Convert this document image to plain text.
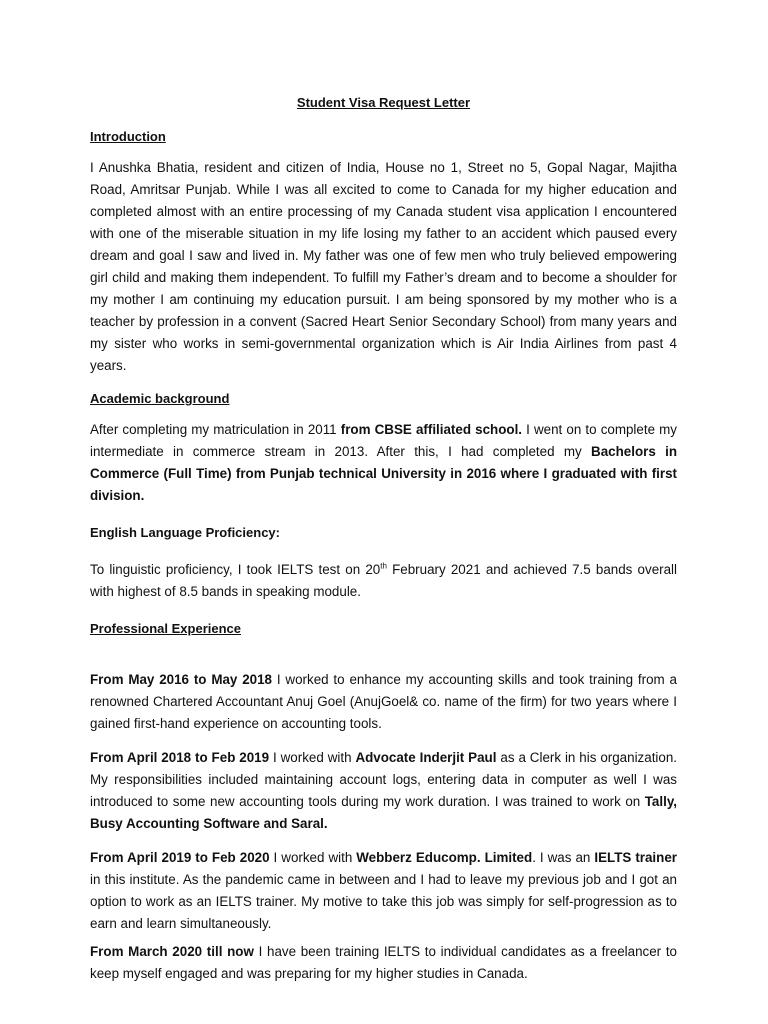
Student Visa Request Letter
Introduction

I Anushka Bhatia, resident and citizen of India, House no 1, Street no 5, Gopal Nagar, Majitha Road, Amritsar Punjab. While I was all excited to come to Canada for my higher education and completed almost with an entire processing of my Canada student visa application I encountered with one of the miserable situation in my life losing my father to an accident which paused every dream and goal I saw and lived in. My father was one of few men who truly believed empowering girl child and making them independent. To fulfill my Father’s dream and to become a shoulder for my mother I am continuing my education pursuit. I am being sponsored by my mother who is a teacher by profession in a convent (Sacred Heart Senior Secondary School) from many years and my sister who works in semi-governmental organization which is Air India Airlines from past 4 years.

Academic background

After completing my matriculation in 2011 from CBSE affiliated school. I went on to complete my intermediate in commerce stream in 2013. After this, I had completed my Bachelors in Commerce (Full Time) from Punjab technical University in 2016 where I graduated with first division.

English Language Proficiency:

To linguistic proficiency, I took IELTS test on 20th February 2021 and achieved 7.5 bands overall with highest of 8.5 bands in speaking module.

Professional Experience

From May 2016 to May 2018 I worked to enhance my accounting skills and took training from a renowned Chartered Accountant Anuj Goel (AnujGoel& co. name of the firm) for two years where I gained first-hand experience on accounting tools.

From April 2018 to Feb 2019 I worked with Advocate Inderjit Paul as a Clerk in his organization. My responsibilities included maintaining account logs, entering data in computer as well I was introduced to some new accounting tools during my work duration. I was trained to work on Tally, Busy Accounting Software and Saral.

From April 2019 to Feb 2020 I worked with Webberz Educomp. Limited. I was an IELTS trainer in this institute. As the pandemic came in between and I had to leave my previous job and I got an option to work as an IELTS trainer. My motive to take this job was simply for self-progression as to earn and learn simultaneously.

From March 2020 till now I have been training IELTS to individual candidates as a freelancer to keep myself engaged and was preparing for my higher studies in Canada.
